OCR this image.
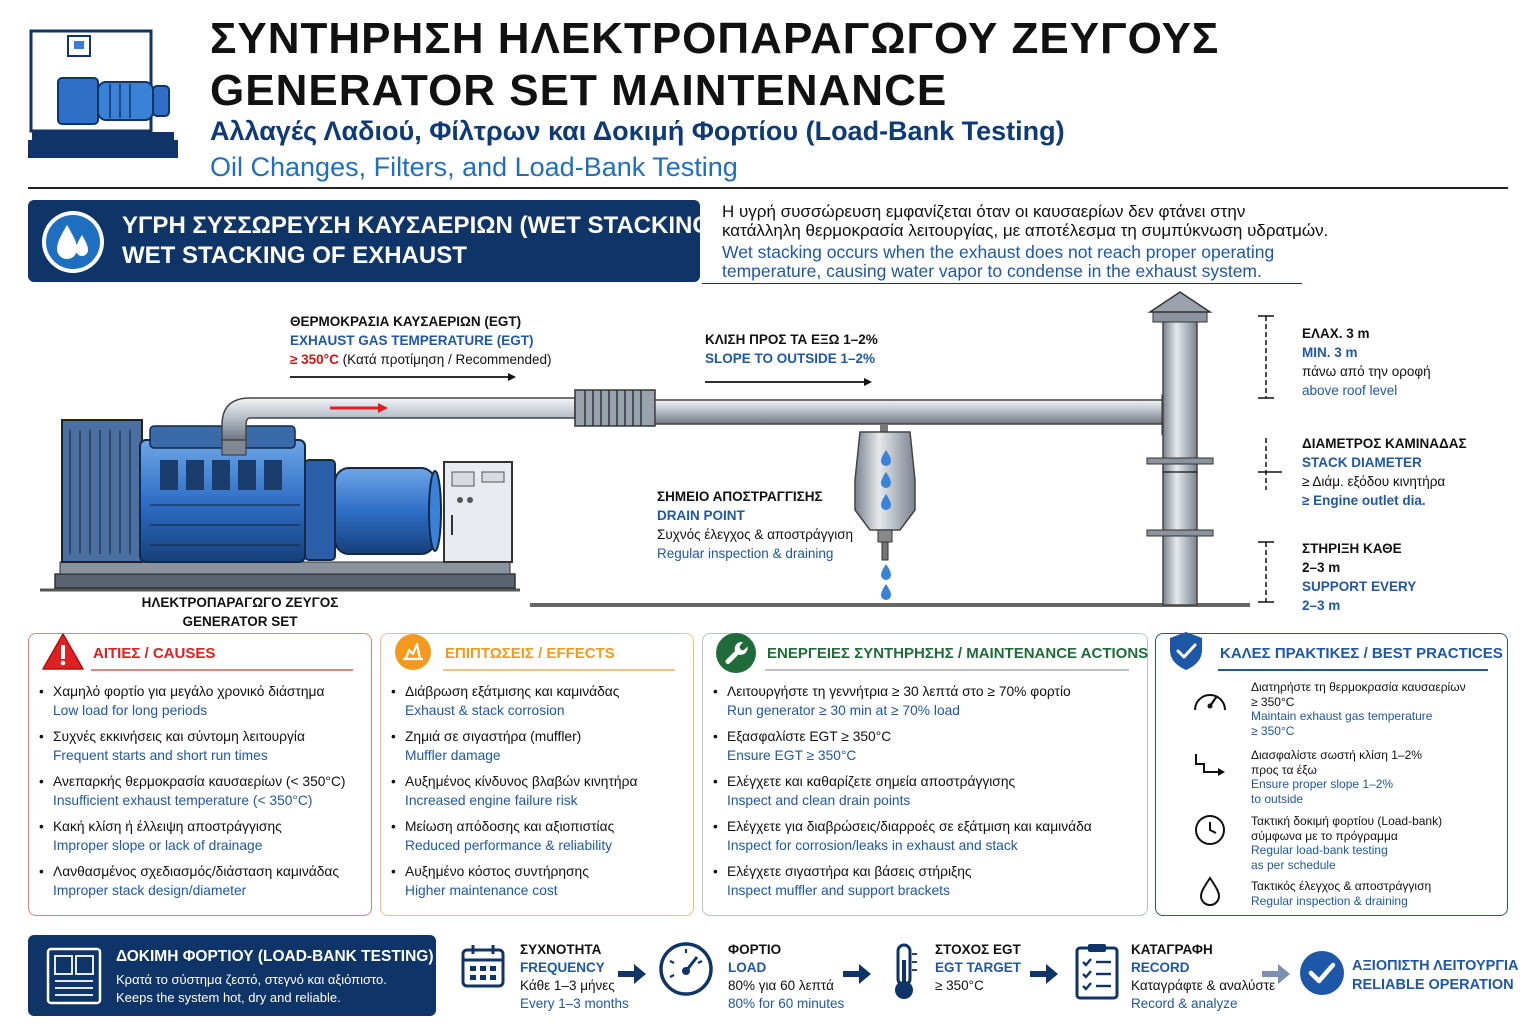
ΣΥΝΤΗΡΗΣΗ ΗΛΕΚΤΡΟΠΑΡΑΓΩΓΟΥ ΖΕΥΓΟΥΣ
GENERATOR SET MAINTENANCE
Αλλαγές Λαδιού, Φίλτρων και Δοκιμή Φορτίου (Load-Bank Testing)
Oil Changes, Filters, and Load-Bank Testing
ΥΓΡΗ ΣΥΣΣΩΡΕΥΣΗ ΚΑΥΣΑΕΡΙΩΝ (WET STACKING)
WET STACKING OF EXHAUST
Η υγρή συσσώρευση εμφανίζεται όταν οι καυσαερίων δεν φτάνει στην
κατάλληλη θερμοκρασία λειτουργίας, με αποτέλεσμα τη συμπύκνωση υδρατμών.
Wet stacking occurs when the exhaust does not reach proper operating
temperature, causing water vapor to condense in the exhaust system.
ΘΕΡΜΟΚΡΑΣΙΑ ΚΑΥΣΑΕΡΙΩΝ (EGT)
EXHAUST GAS TEMPERATURE (EGT)
≥ 350°C (Κατά προτίμηση / Recommended)
ΚΛΙΣΗ ΠΡΟΣ ΤΑ ΕΞΩ 1–2%
SLOPE TO OUTSIDE 1–2%
ΣΗΜΕΙΟ ΑΠΟΣΤΡΑΓΓΙΣΗΣ
DRAIN POINT
Συχνός έλεγχος & αποστράγγιση
Regular inspection & draining
ΗΛΕΚΤΡΟΠΑΡΑΓΩΓΟ ΖΕΥΓΟΣ
GENERATOR SET
ΕΛΑΧ. 3 m
MIN. 3 m
πάνω από την οροφή
above roof level
ΔΙΑΜΕΤΡΟΣ ΚΑΜΙΝΑΔΑΣ
STACK DIAMETER
≥ Διάμ. εξόδου κινητήρα
≥ Engine outlet dia.
ΣΤΗΡΙΞΗ ΚΑΘΕ
2–3 m
SUPPORT EVERY
2–3 m
ΑΙΤΙΕΣ / CAUSES
• Χαμηλό φορτίο για μεγάλο χρονικό διάστημα
Low load for long periods
• Συχνές εκκινήσεις και σύντομη λειτουργία
Frequent starts and short run times
• Ανεπαρκής θερμοκρασία καυσαερίων (< 350°C)
Insufficient exhaust temperature (< 350°C)
• Κακή κλίση ή έλλειψη αποστράγγισης
Improper slope or lack of drainage
• Λανθασμένος σχεδιασμός/διάσταση καμινάδας
Improper stack design/diameter
ΕΠΙΠΤΩΣΕΙΣ / EFFECTS
• Διάβρωση εξάτμισης και καμινάδας
Exhaust & stack corrosion
• Ζημιά σε σιγαστήρα (muffler)
Muffler damage
• Αυξημένος κίνδυνος βλαβών κινητήρα
Increased engine failure risk
• Μείωση απόδοσης και αξιοπιστίας
Reduced performance & reliability
• Αυξημένο κόστος συντήρησης
Higher maintenance cost
ΕΝΕΡΓΕΙΕΣ ΣΥΝΤΗΡΗΣΗΣ / MAINTENANCE ACTIONS
• Λειτουργήστε τη γεννήτρια ≥ 30 λεπτά στο ≥ 70% φορτίο
Run generator ≥ 30 min at ≥ 70% load
• Εξασφαλίστε EGT ≥ 350°C
Ensure EGT ≥ 350°C
• Ελέγχετε και καθαρίζετε σημεία αποστράγγισης
Inspect and clean drain points
• Ελέγχετε για διαβρώσεις/διαρροές σε εξάτμιση και καμινάδα
Inspect for corrosion/leaks in exhaust and stack
• Ελέγχετε σιγαστήρα και βάσεις στήριξης
Inspect muffler and support brackets
ΚΑΛΕΣ ΠΡΑΚΤΙΚΕΣ / BEST PRACTICES
Διατηρήστε τη θερμοκρασία καυσαερίων
≥ 350°C
Maintain exhaust gas temperature
≥ 350°C
Διασφαλίστε σωστή κλίση 1–2%
προς τα έξω
Ensure proper slope 1–2%
to outside
Τακτική δοκιμή φορτίου (Load-bank)
σύμφωνα με το πρόγραμμα
Regular load-bank testing
as per schedule
Τακτικός έλεγχος & αποστράγγιση
Regular inspection & draining
ΔΟΚΙΜΗ ΦΟΡΤΙΟΥ (LOAD-BANK TESTING)
Κρατά το σύστημα ζεστό, στεγνό και αξιόπιστο.
Keeps the system hot, dry and reliable.
ΣΥΧΝΟΤΗΤΑ
FREQUENCY
Κάθε 1–3 μήνες
Every 1–3 months
ΦΟΡΤΙΟ
LOAD
80% για 60 λεπτά
80% for 60 minutes
ΣΤΟΧΟΣ EGT
EGT TARGET
≥ 350°C
ΚΑΤΑΓΡΑΦΗ
RECORD
Καταγράφτε & αναλύστε
Record & analyze
ΑΞΙΟΠΙΣΤΗ ΛΕΙΤΟΥΡΓΙΑ
RELIABLE OPERATION
